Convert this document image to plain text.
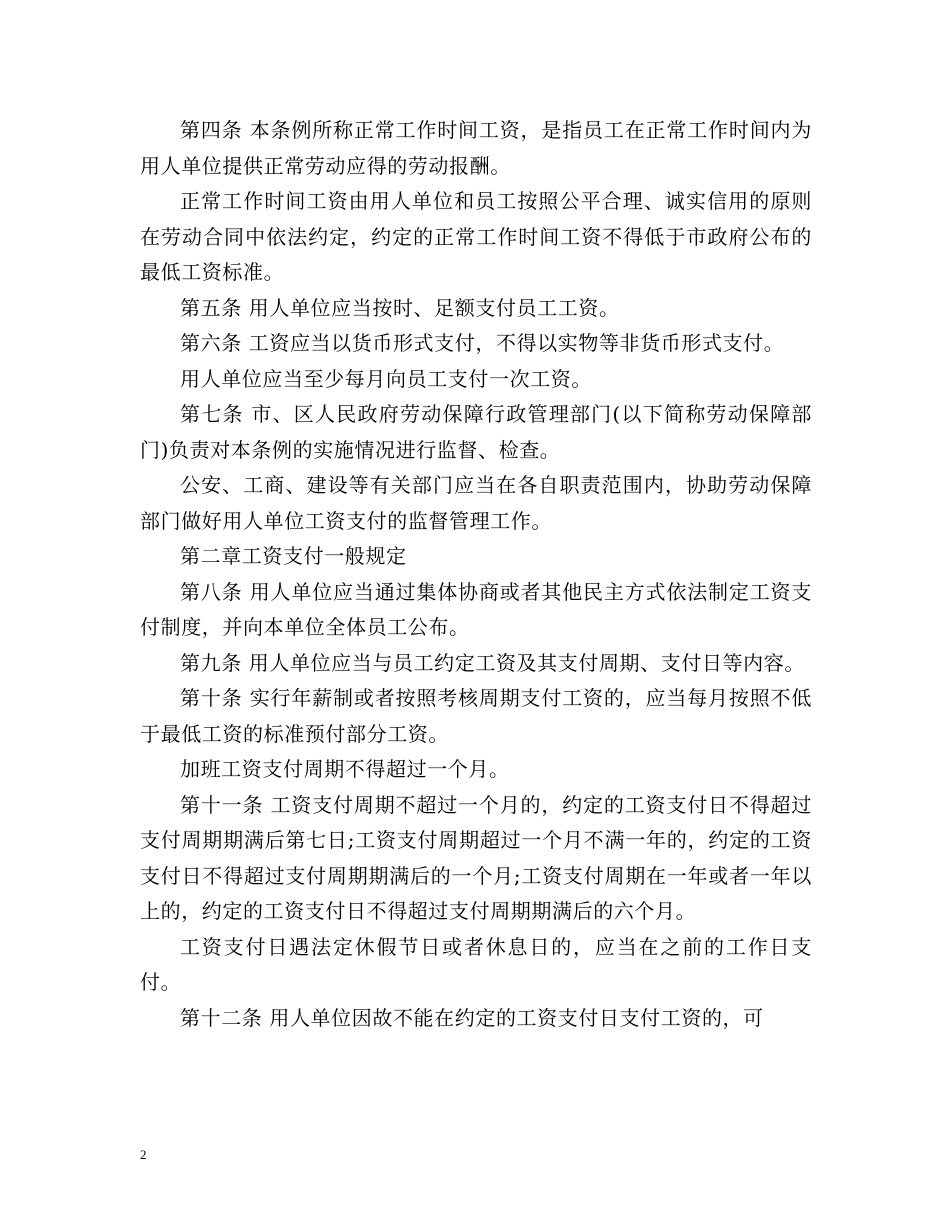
第四条 本条例所称正常工作时间工资，是指员工在正常工作时间内为用人单位提供正常劳动应得的劳动报酬。

正常工作时间工资由用人单位和员工按照公平合理、诚实信用的原则在劳动合同中依法约定，约定的正常工作时间工资不得低于市政府公布的最低工资标准。

第五条 用人单位应当按时、足额支付员工工资。

第六条 工资应当以货币形式支付，不得以实物等非货币形式支付。

用人单位应当至少每月向员工支付一次工资。

第七条 市、区人民政府劳动保障行政管理部门(以下简称劳动保障部门)负责对本条例的实施情况进行监督、检查。

公安、工商、建设等有关部门应当在各自职责范围内，协助劳动保障部门做好用人单位工资支付的监督管理工作。

第二章工资支付一般规定

第八条 用人单位应当通过集体协商或者其他民主方式依法制定工资支付制度，并向本单位全体员工公布。

第九条 用人单位应当与员工约定工资及其支付周期、支付日等内容。

第十条 实行年薪制或者按照考核周期支付工资的，应当每月按照不低于最低工资的标准预付部分工资。

加班工资支付周期不得超过一个月。

第十一条 工资支付周期不超过一个月的，约定的工资支付日不得超过支付周期期满后第七日;工资支付周期超过一个月不满一年的，约定的工资支付日不得超过支付周期期满后的一个月;工资支付周期在一年或者一年以上的，约定的工资支付日不得超过支付周期期满后的六个月。

工资支付日遇法定休假节日或者休息日的，应当在之前的工作日支付。

第十二条 用人单位因故不能在约定的工资支付日支付工资的，可

2
